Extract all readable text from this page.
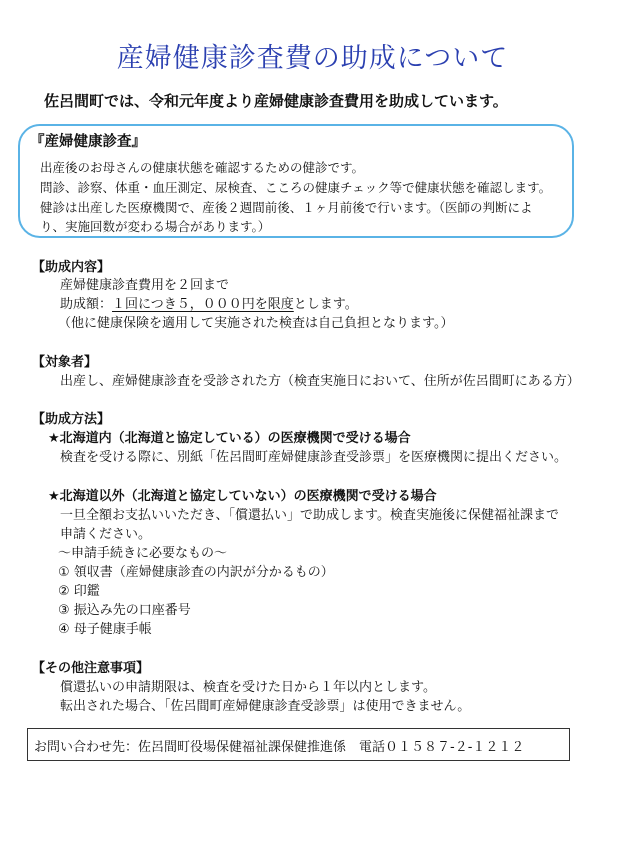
産婦健康診査費の助成について

佐呂間町では、令和元年度より産婦健康診査費用を助成しています。

『産婦健康診査』

出産後のお母さんの健康状態を確認するための健診です。

問診、診察、体重・血圧測定、尿検査、こころの健康チェック等で健康状態を確認します。

健診は出産した医療機関で、産後２週間前後、１ヶ月前後で行います。（医師の判断によ

り、実施回数が変わる場合があります。）

【助成内容】

産婦健康診査費用を２回まで

助成額：１回につき５，０００円を限度とします。

（他に健康保険を適用して実施された検査は自己負担となります。）

【対象者】

出産し、産婦健康診査を受診された方（検査実施日において、住所が佐呂間町にある方）

【助成方法】

★北海道内（北海道と協定している）の医療機関で受ける場合

検査を受ける際に、別紙「佐呂間町産婦健康診査受診票」を医療機関に提出ください。

★北海道以外（北海道と協定していない）の医療機関で受ける場合

一旦全額お支払いいただき、「償還払い」で助成します。検査実施後に保健福祉課まで

申請ください。

～申請手続きに必要なもの～

① 領収書（産婦健康診査の内訳が分かるもの）

② 印鑑

③ 振込み先の口座番号

④ 母子健康手帳

【その他注意事項】

償還払いの申請期限は、検査を受けた日から１年以内とします。

転出された場合、「佐呂間町産婦健康診査受診票」は使用できません。

お問い合わせ先：佐呂間町役場保健福祉課保健推進係　電話０１５８７-２-１２１２
